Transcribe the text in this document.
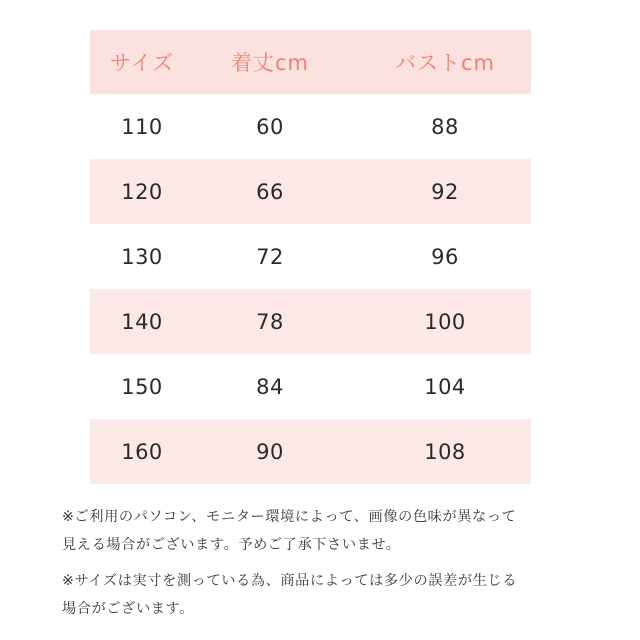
サイズ	着丈cm	バストcm
110	60	88
120	66	92
130	72	96
140	78	100
150	84	104
160	90	108

※ご利用のパソコン、モニター環境によって、画像の色味が異なって
見える場合がございます。予めご了承下さいませ。

※サイズは実寸を測っている為、商品によっては多少の誤差が生じる
場合がございます。
